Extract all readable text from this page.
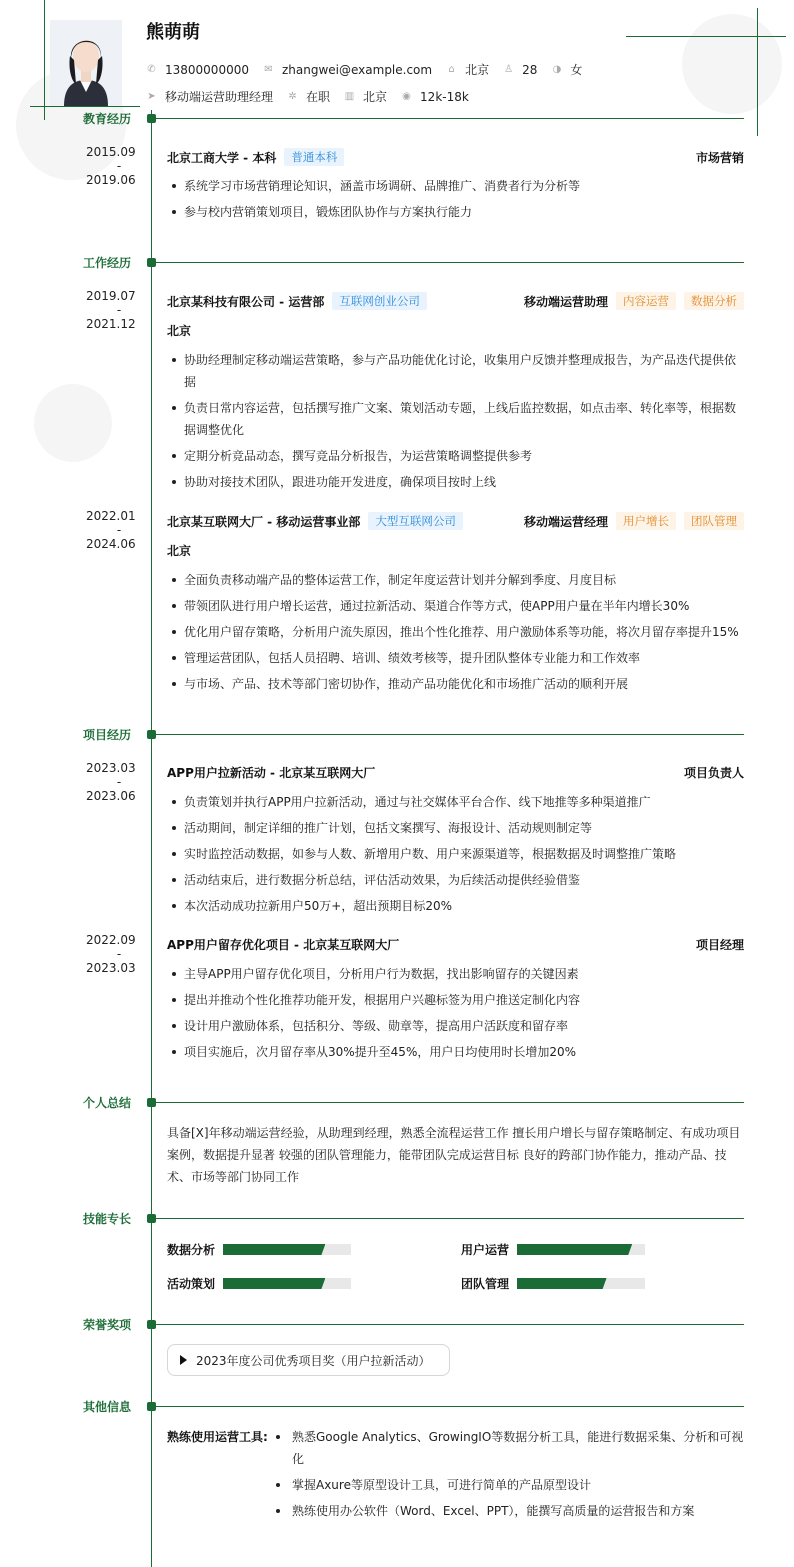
熊萌萌
✆ 13800000000 ✉ zhangwei@example.com ⌂ 北京 ♙ 28 ◑ 女
➤ 移动端运营助理经理 ✲ 在职 ▥ 北京 ◉ 12k-18k
教育经历
2015.09
-
2019.06
北京工商大学 - 本科	普通本科	市场营销
系统学习市场营销理论知识，涵盖市场调研、品牌推广、消费者行为分析等
参与校内营销策划项目，锻炼团队协作与方案执行能力
工作经历
2019.07
-
2021.12
北京某科技有限公司 - 运营部	互联网创业公司	移动端运营助理	内容运营	数据分析
北京
协助经理制定移动端运营策略，参与产品功能优化讨论，收集用户反馈并整理成报告，为产品迭代提供依据
负责日常内容运营，包括撰写推广文案、策划活动专题，上线后监控数据，如点击率、转化率等，根据数据调整优化
定期分析竞品动态，撰写竞品分析报告，为运营策略调整提供参考
协助对接技术团队，跟进功能开发进度，确保项目按时上线
2022.01
-
2024.06
北京某互联网大厂 - 移动运营事业部	大型互联网公司	移动端运营经理	用户增长	团队管理
北京
全面负责移动端产品的整体运营工作，制定年度运营计划并分解到季度、月度目标
带领团队进行用户增长运营，通过拉新活动、渠道合作等方式，使APP用户量在半年内增长30%
优化用户留存策略，分析用户流失原因，推出个性化推荐、用户激励体系等功能，将次月留存率提升15%
管理运营团队，包括人员招聘、培训、绩效考核等，提升团队整体专业能力和工作效率
与市场、产品、技术等部门密切协作，推动产品功能优化和市场推广活动的顺利开展
项目经历
2023.03
-
2023.06
APP用户拉新活动 - 北京某互联网大厂	项目负责人
负责策划并执行APP用户拉新活动，通过与社交媒体平台合作、线下地推等多种渠道推广
活动期间，制定详细的推广计划，包括文案撰写、海报设计、活动规则制定等
实时监控活动数据，如参与人数、新增用户数、用户来源渠道等，根据数据及时调整推广策略
活动结束后，进行数据分析总结，评估活动效果，为后续活动提供经验借鉴
本次活动成功拉新用户50万+，超出预期目标20%
2022.09
-
2023.03
APP用户留存优化项目 - 北京某互联网大厂	项目经理
主导APP用户留存优化项目，分析用户行为数据，找出影响留存的关键因素
提出并推动个性化推荐功能开发，根据用户兴趣标签为用户推送定制化内容
设计用户激励体系，包括积分、等级、勋章等，提高用户活跃度和留存率
项目实施后，次月留存率从30%提升至45%，用户日均使用时长增加20%
个人总结
具备[X]年移动端运营经验，从助理到经理，熟悉全流程运营工作 擅长用户增长与留存策略制定、有成功项目案例，数据提升显著 较强的团队管理能力，能带团队完成运营目标 良好的跨部门协作能力，推动产品、技术、市场等部门协同工作
技能专长
数据分析	用户运营
活动策划	团队管理
荣誉奖项
2023年度公司优秀项目奖（用户拉新活动）
其他信息
熟练使用运营工具:	熟悉Google Analytics、GrowingIO等数据分析工具，能进行数据采集、分析和可视化
掌握Axure等原型设计工具，可进行简单的产品原型设计
熟练使用办公软件（Word、Excel、PPT），能撰写高质量的运营报告和方案
